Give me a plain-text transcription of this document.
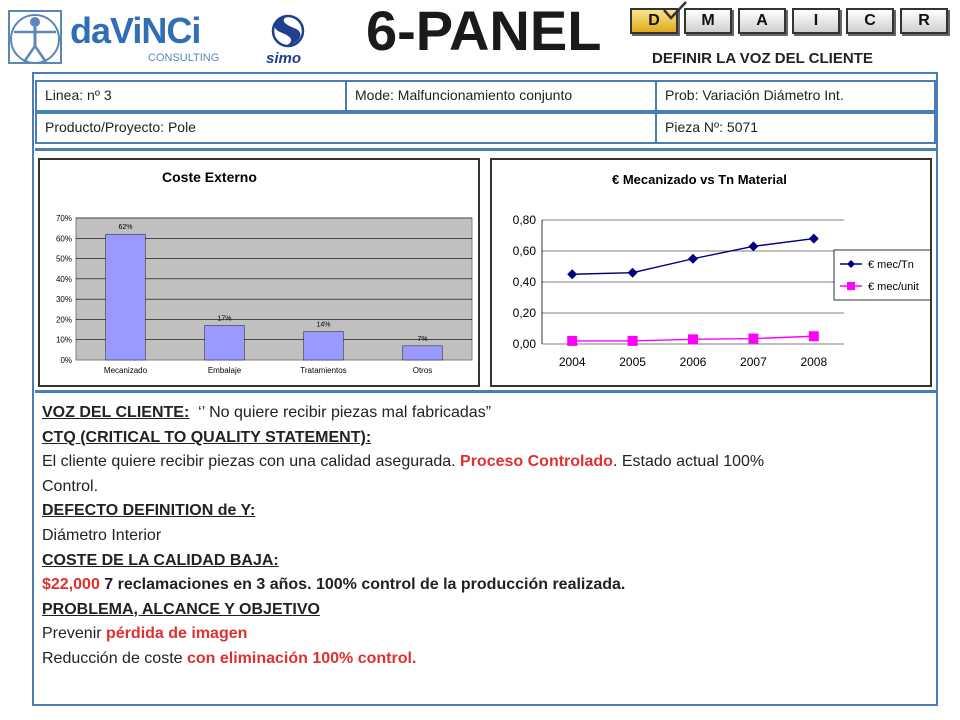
daViNCi
CONSULTING	simo 6-PANEL	D	M	A	I	C	R
DEFINIR LA VOZ DEL CLIENTE
Linea: nº 3	Mode: Malfuncionamiento conjunto	Prob: Variación Diámetro Int.
Producto/Proyecto: Pole	Pieza Nº: 5071
Coste Externo
0%
10%
20%
30%
40%
50%
60%
70%
62%
Mecanizado
17%
Embalaje
14%
Tratamientos
7%
Otros
€ Mecanizado vs Tn Material
0,00
0,20
0,40
0,60
0,80
2004	2005	2006	2007	2008
€ mec/Tn
€ mec/unit
VOZ DEL CLIENTE:  ‘’ No quiere recibir piezas mal fabricadas”
CTQ (CRITICAL TO QUALITY STATEMENT):
El cliente quiere recibir piezas con una calidad asegurada. Proceso Controlado. Estado actual 100%
Control.
DEFECTO DEFINITION de Y:
Diámetro Interior
COSTE DE LA CALIDAD BAJA:
$22,000 7 reclamaciones en 3 años. 100% control de la producción realizada.
PROBLEMA, ALCANCE Y OBJETIVO
Prevenir pérdida de imagen
Reducción de coste con eliminación 100% control.
